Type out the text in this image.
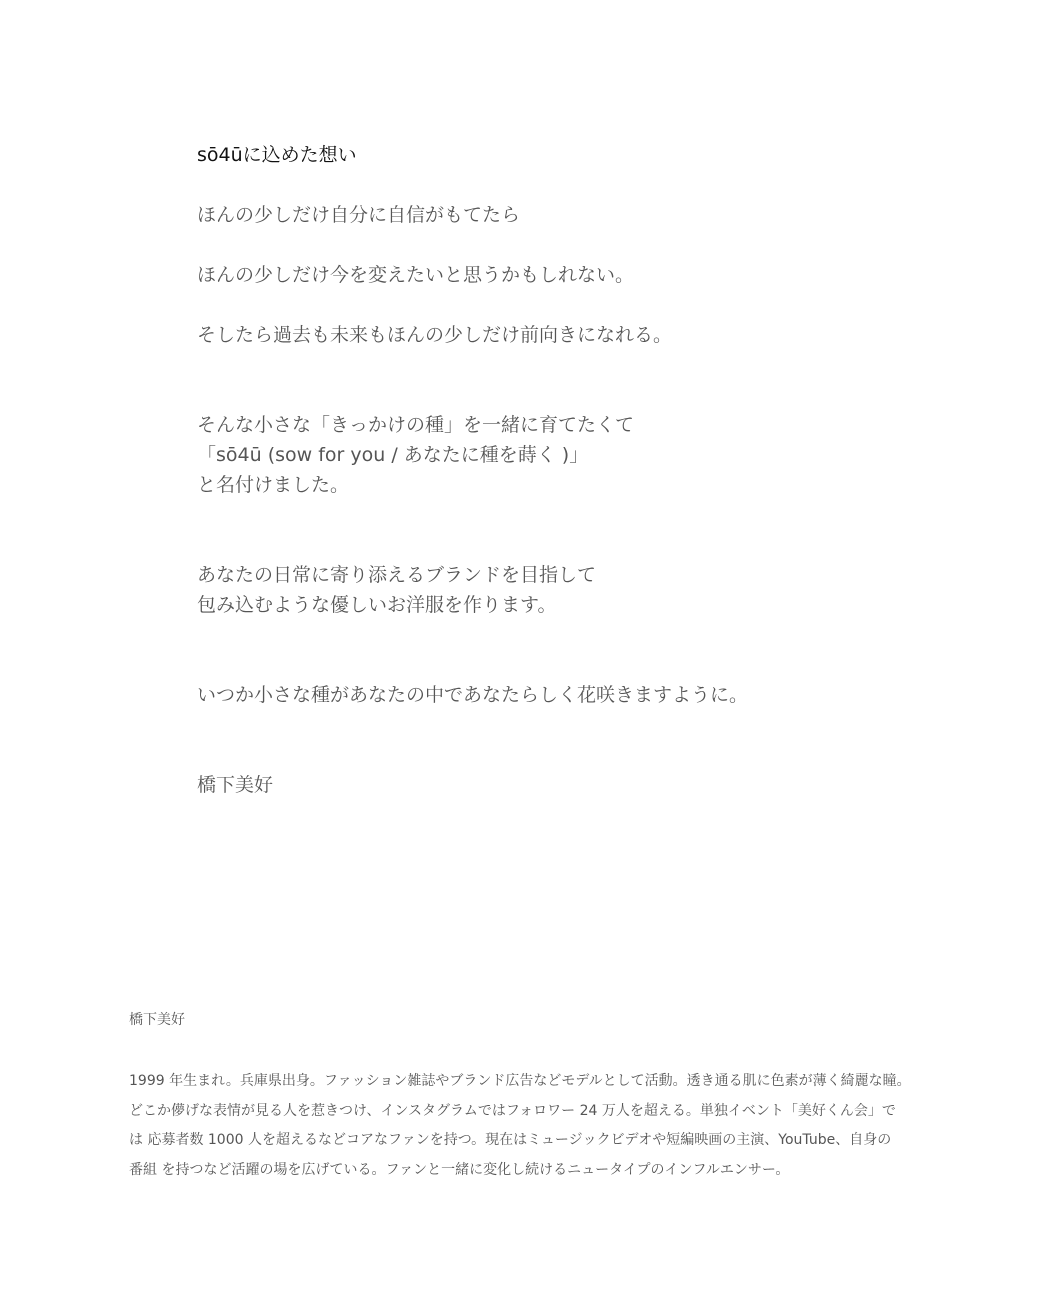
sō4ūに込めた想い

ほんの少しだけ自分に自信がもてたら

ほんの少しだけ今を変えたいと思うかもしれない。

そしたら過去も未来もほんの少しだけ前向きになれる。

そんな小さな「きっかけの種」を一緒に育てたくて
「sō4ū (sow for you / あなたに種を蒔く )」
と名付けました。

あなたの日常に寄り添えるブランドを目指して
包み込むような優しいお洋服を作ります。

いつか小さな種があなたの中であなたらしく花咲きますように。

橋下美好

橋下美好

1999 年生まれ。兵庫県出身。ファッション雑誌やブランド広告などモデルとして活動。透き通る肌に色素が薄く綺麗な瞳。
どこか儚げな表情が見る人を惹きつけ、インスタグラムではフォロワー 24 万人を超える。単独イベント「美好くん会」で
は 応募者数 1000 人を超えるなどコアなファンを持つ。現在はミュージックビデオや短編映画の主演、YouTube、自身の
番組 を持つなど活躍の場を広げている。ファンと一緒に変化し続けるニュータイプのインフルエンサー。
